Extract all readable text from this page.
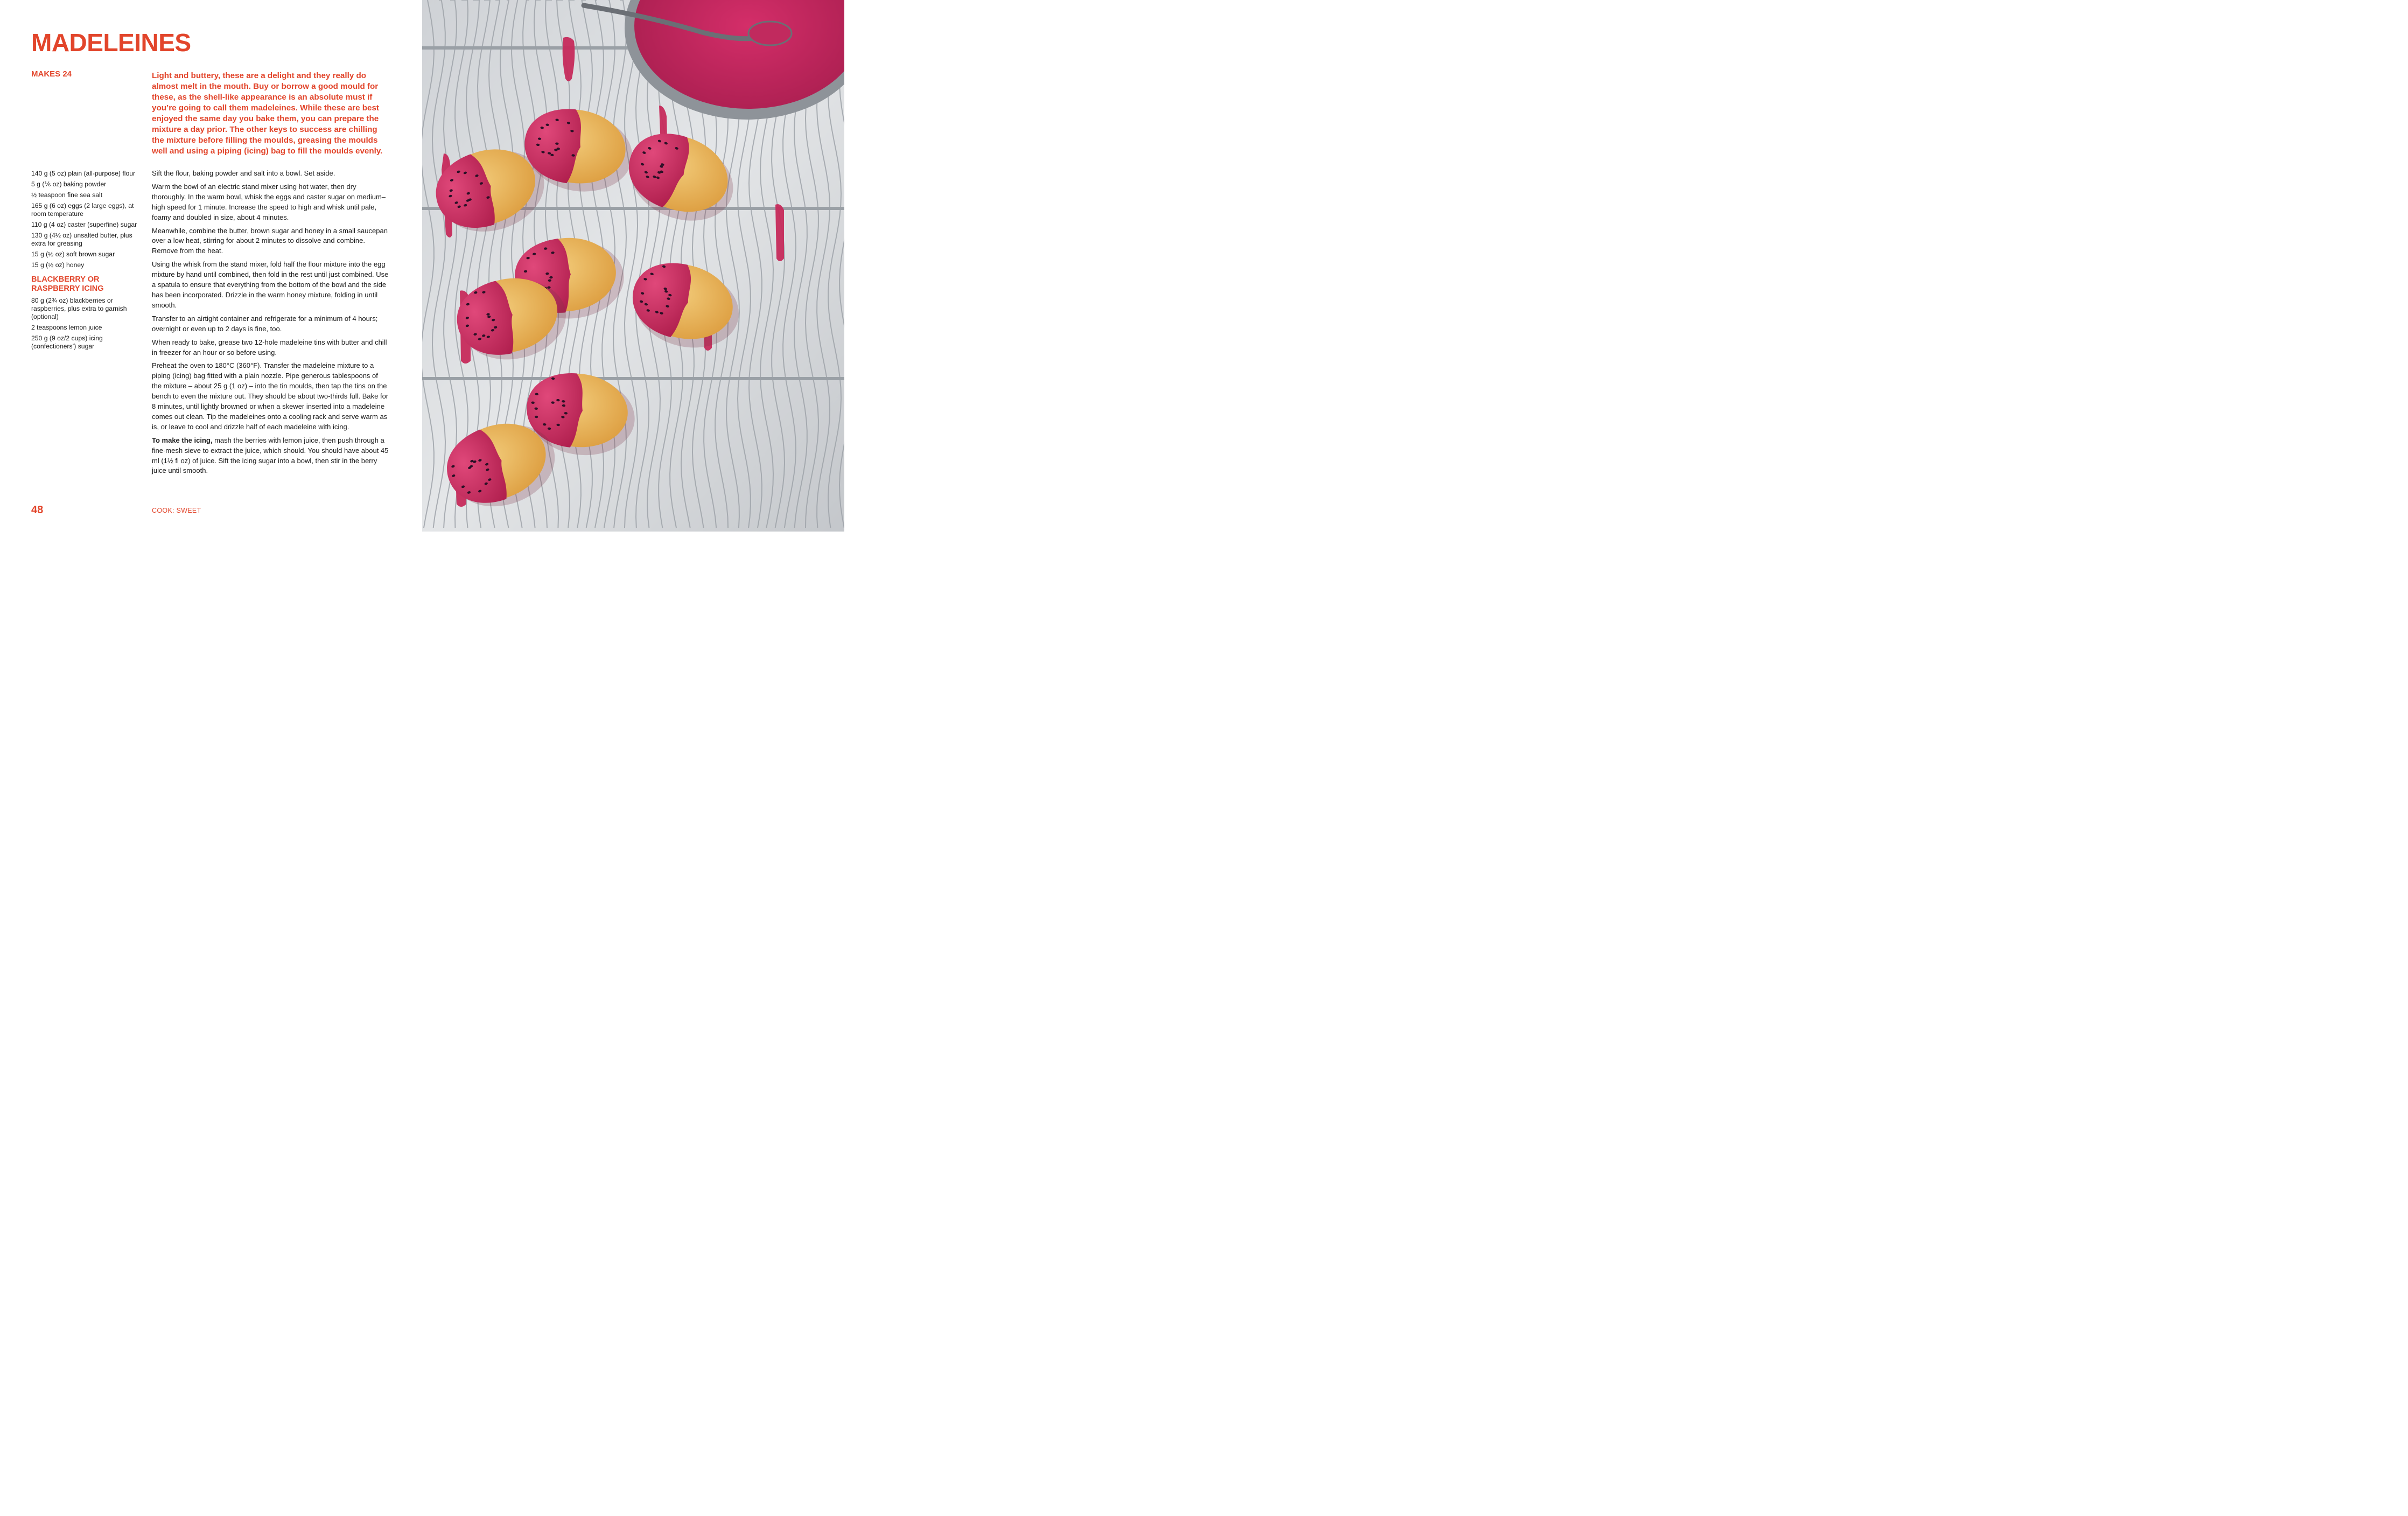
MADELEINES
MAKES 24	Light and buttery, these are a delight and they really do almost melt in the mouth. Buy or borrow a good mould for these, as the shell-like appearance is an absolute must if you’re going to call them madeleines. While these are best enjoyed the same day you bake them, you can prepare the mixture a day prior. The other keys to success are chilling the mixture before filling the moulds, greasing the moulds well and using a piping (icing) bag to fill the moulds evenly.

140 g (5 oz) plain (all-purpose) flour
5 g (⅙ oz) baking powder
½ teaspoon fine sea salt
165 g (6 oz) eggs (2 large eggs), at room temperature
110 g (4 oz) caster (superfine) sugar
130 g (4½ oz) unsalted butter, plus extra for greasing
15 g (½ oz) soft brown sugar
15 g (½ oz) honey
BLACKBERRY OR RASPBERRY ICING
80 g (2¾ oz) blackberries or raspberries, plus extra to garnish (optional)
2 teaspoons lemon juice
250 g (9 oz/2 cups) icing (confectioners’) sugar

Sift the flour, baking powder and salt into a bowl. Set aside.

Warm the bowl of an electric stand mixer using hot water, then dry thoroughly. In the warm bowl, whisk the eggs and caster sugar on medium–high speed for 1 minute. Increase the speed to high and whisk until pale, foamy and doubled in size, about 4 minutes.

Meanwhile, combine the butter, brown sugar and honey in a small saucepan over a low heat, stirring for about 2 minutes to dissolve and combine. Remove from the heat.

Using the whisk from the stand mixer, fold half the flour mixture into the egg mixture by hand until combined, then fold in the rest until just combined. Use a spatula to ensure that everything from the bottom of the bowl and the side has been incorporated. Drizzle in the warm honey mixture, folding in until smooth.

Transfer to an airtight container and refrigerate for a minimum of 4 hours; overnight or even up to 2 days is fine, too.

When ready to bake, grease two 12-hole madeleine tins with butter and chill in freezer for an hour or so before using.

Preheat the oven to 180°C (360°F). Transfer the madeleine mixture to a piping (icing) bag fitted with a plain nozzle. Pipe generous tablespoons of the mixture – about 25 g (1 oz) – into the tin moulds, then tap the tins on the bench to even the mixture out. They should be about two-thirds full. Bake for 8 minutes, until lightly browned or when a skewer inserted into a madeleine comes out clean. Tip the madeleines onto a cooling rack and serve warm as is, or leave to cool and drizzle half of each madeleine with icing.

To make the icing, mash the berries with lemon juice, then push through a fine-mesh sieve to extract the juice, which should. You should have about 45 ml (1½ fl oz) of juice. Sift the icing sugar into a bowl, then stir in the berry juice until smooth.

48	COOK: SWEET
